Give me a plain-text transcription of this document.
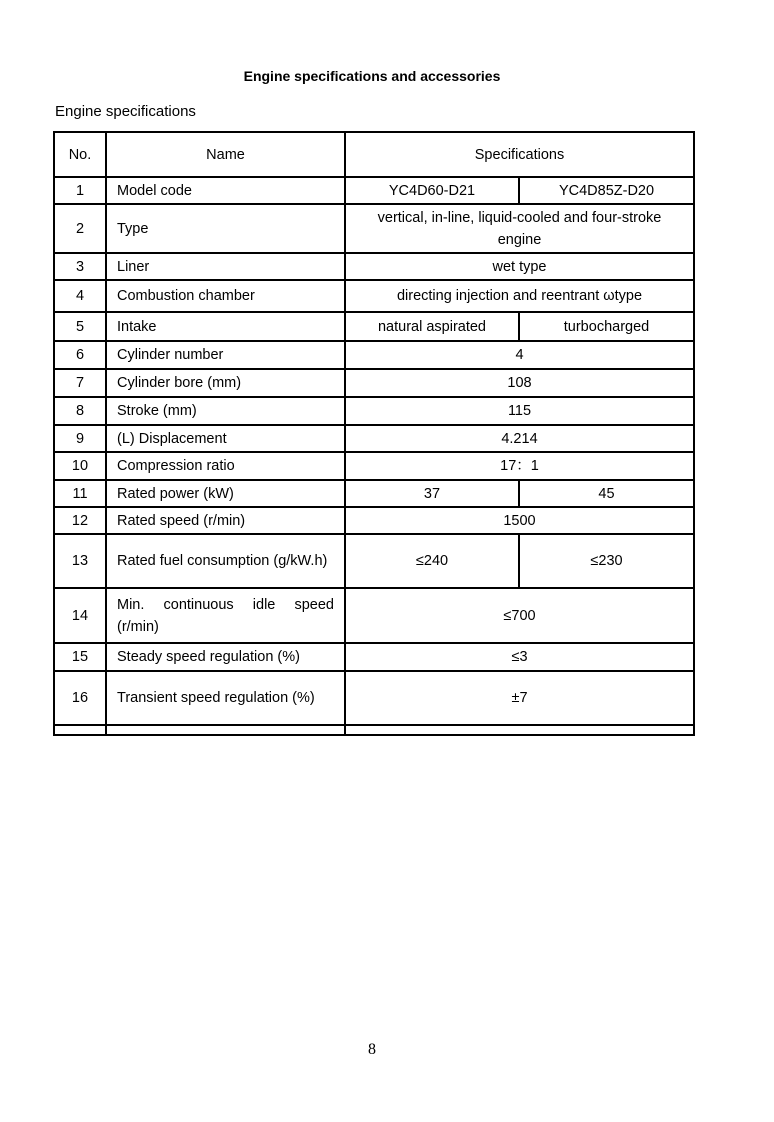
Engine specifications and accessories
Engine specifications
No.	Name	Specifications	
1	Model code	YC4D60-D21	YC4D85Z-D20
2	Type	vertical, in-line, liquid-cooled and four-stroke engine	
3	Liner	wet type	
4	Combustion chamber	directing injection and reentrant ωtype	
5	Intake	natural aspirated	turbocharged
6	Cylinder number	4	
7	Cylinder bore (mm)	108	
8	Stroke (mm)	115	
9	(L) Displacement	4.214	
10	Compression ratio	17：1	
11	Rated power (kW)	37	45
12	Rated speed (r/min)	1500	
13	Rated fuel consumption (g/kW.h)	≤240	≤230
14	Min. continuous idle speed (r/min)	≤700	
15	Steady speed regulation (%)	≤3	
16	Transient speed regulation (%)	±7	

8
